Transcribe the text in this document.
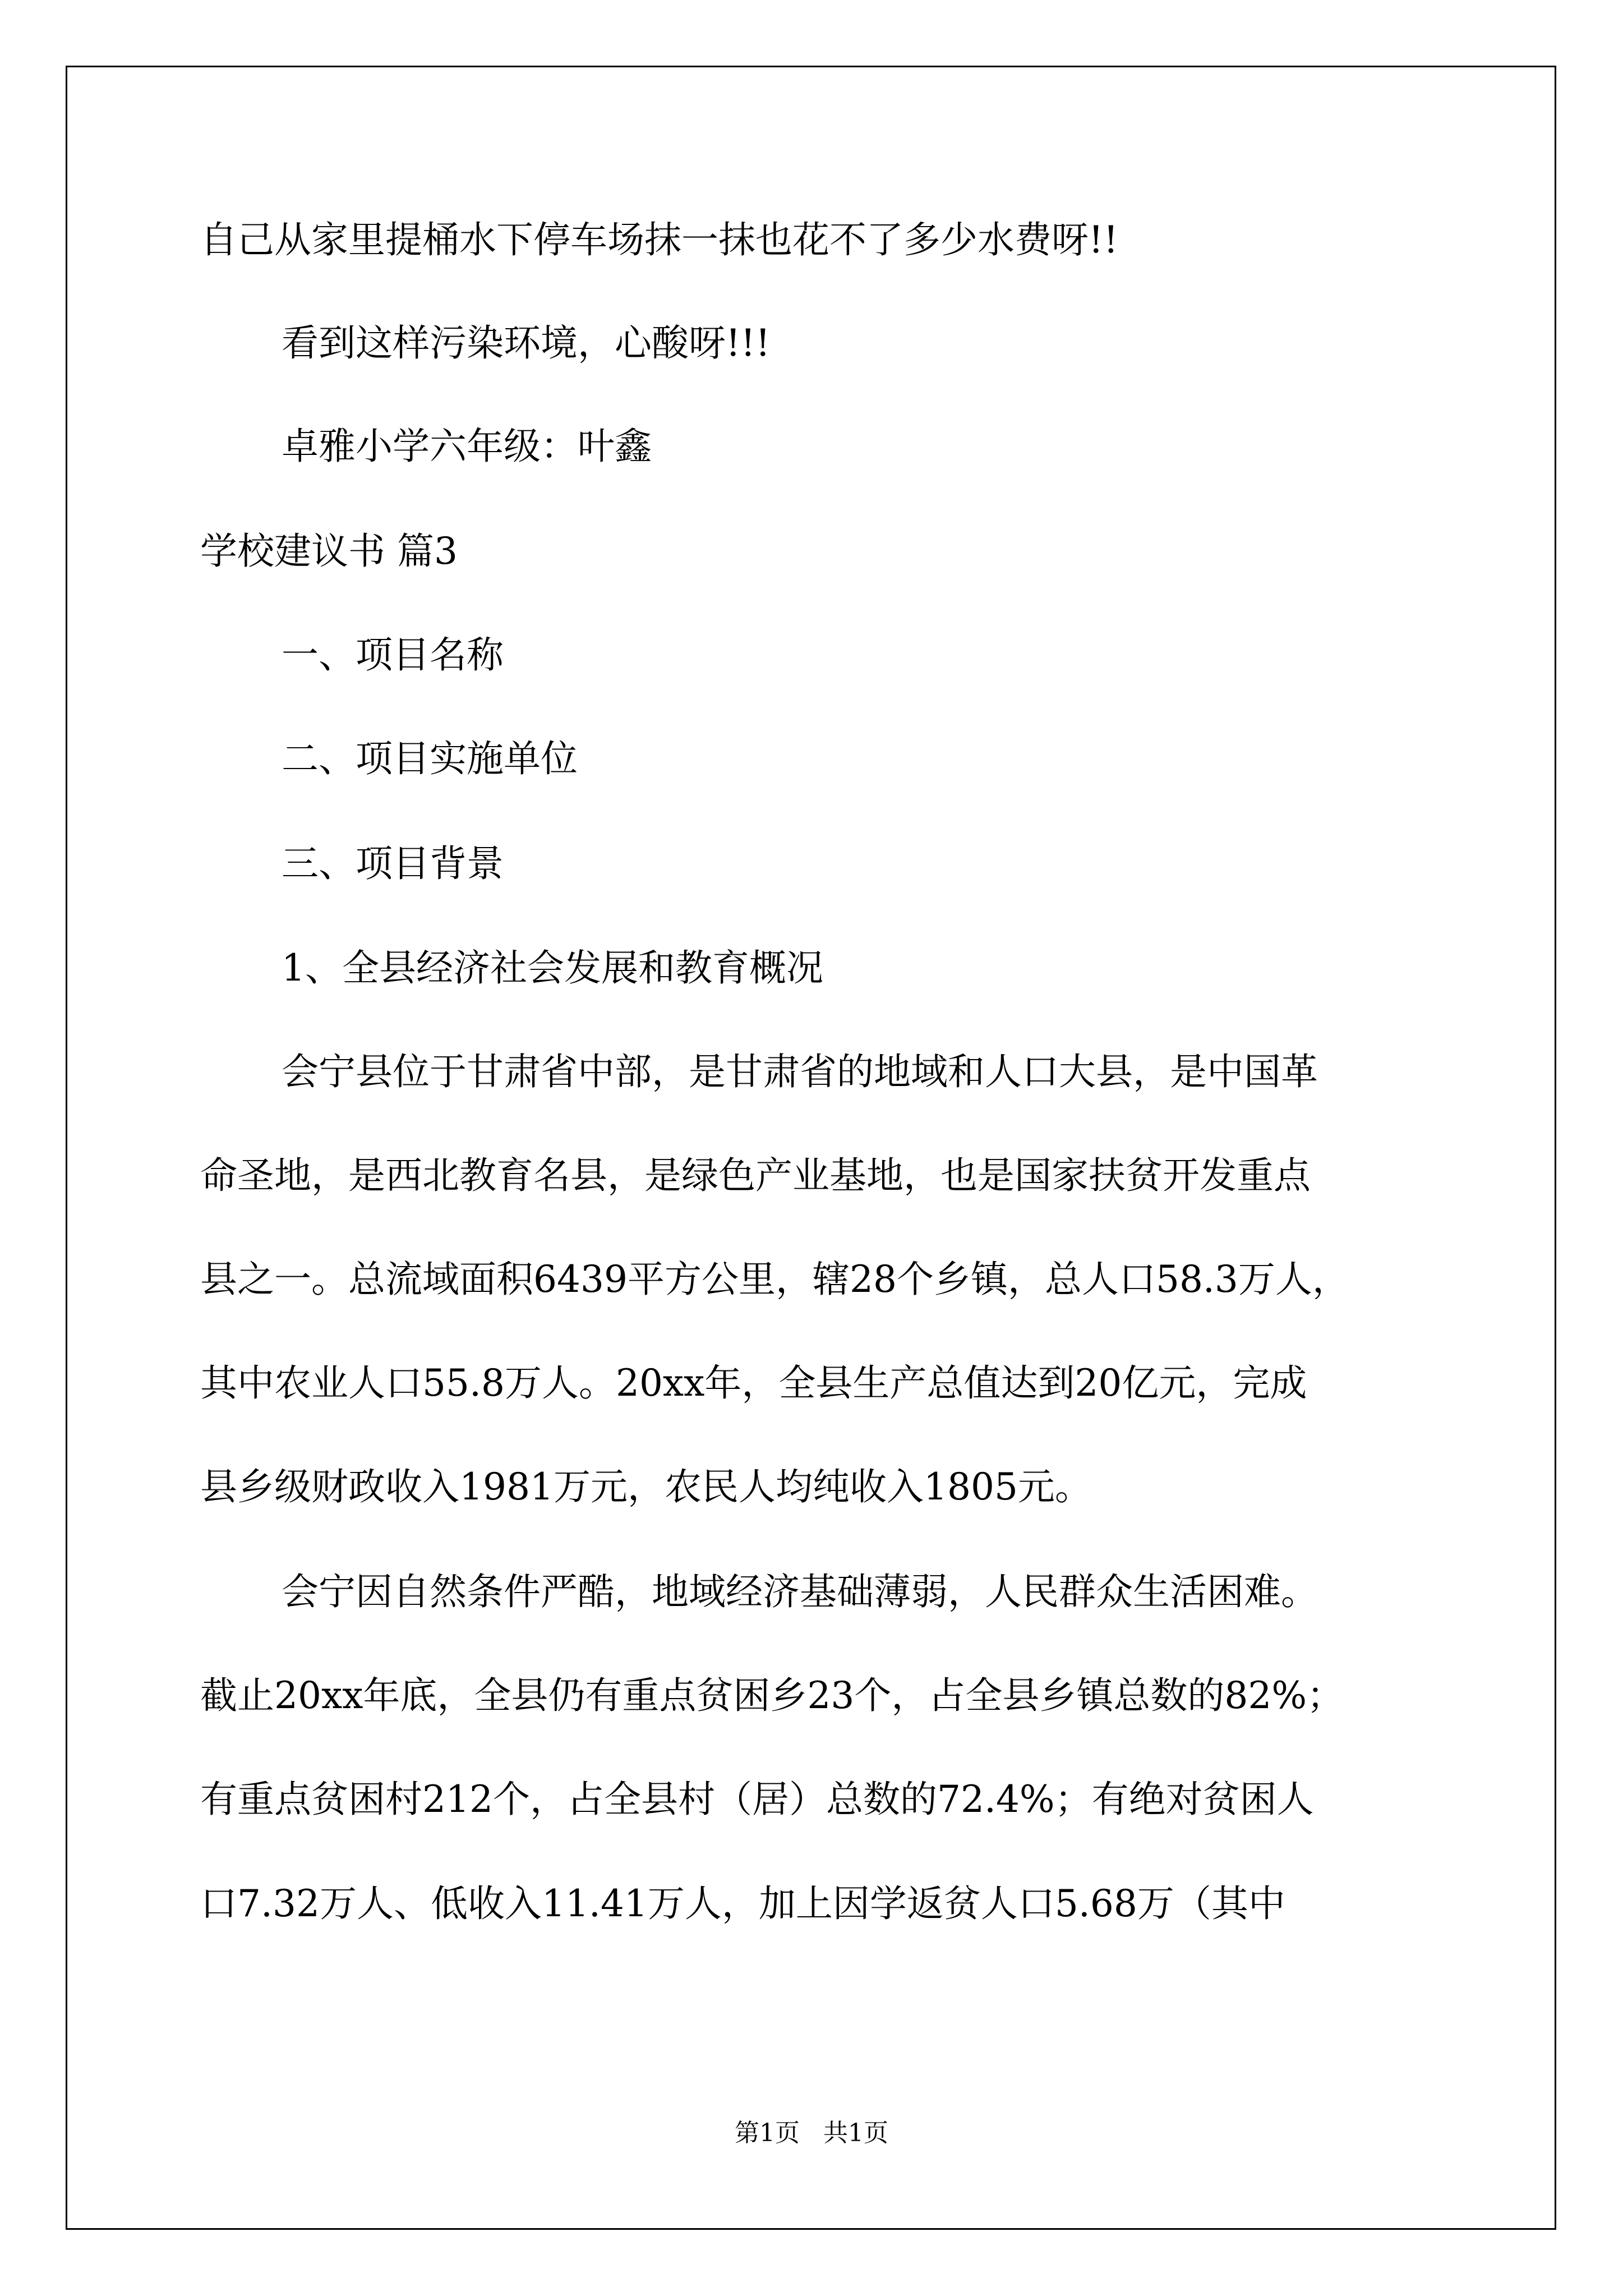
自己从家里提桶水下停车场抹一抹也花不了多少水费呀!!
看到这样污染环境，心酸呀!!!
卓雅小学六年级：叶鑫
学校建议书 篇3
一、项目名称
二、项目实施单位
三、项目背景
1、全县经济社会发展和教育概况
会宁县位于甘肃省中部，是甘肃省的地域和人口大县，是中国革
命圣地，是西北教育名县，是绿色产业基地，也是国家扶贫开发重点
县之一。总流域面积6439平方公里，辖28个乡镇，总人口58.3万人，
其中农业人口55.8万人。20xx年，全县生产总值达到20亿元，完成
县乡级财政收入1981万元，农民人均纯收入1805元。
会宁因自然条件严酷，地域经济基础薄弱，人民群众生活困难。
截止20xx年底，全县仍有重点贫困乡23个，占全县乡镇总数的82%；
有重点贫困村212个，占全县村（居）总数的72.4%；有绝对贫困人
口7.32万人、低收入11.41万人，加上因学返贫人口5.68万（其中
第1页   共1页
